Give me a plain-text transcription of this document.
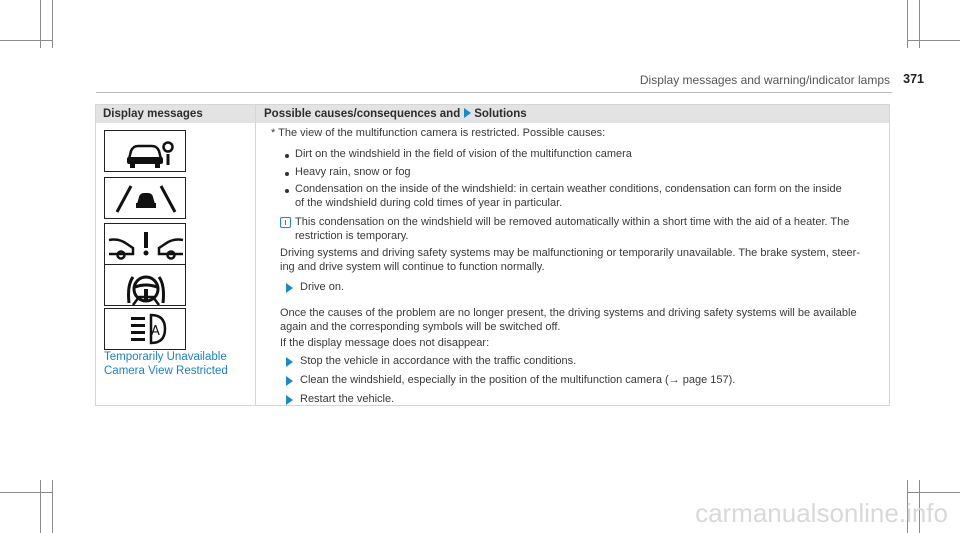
Display messages and warning/indicator lamps 371
Display messages	Possible causes/consequences and Solutions
A
Temporarily Unavailable
Camera View Restricted
* The view of the multifunction camera is restricted. Possible causes:
Dirt on the windshield in the field of vision of the multifunction camera
Heavy rain, snow or fog
Condensation on the inside of the windshield: in certain weather conditions, condensation can form on the inside
of the windshield during cold times of year in particular.
This condensation on the windshield will be removed automatically within a short time with the aid of a heater. The
restriction is temporary.
Driving systems and driving safety systems may be malfunctioning or temporarily unavailable. The brake system, steer-
ing and drive system will continue to function normally.
Drive on.
Once the causes of the problem are no longer present, the driving systems and driving safety systems will be available
again and the corresponding symbols will be switched off.
If the display message does not disappear:
Stop the vehicle in accordance with the traffic conditions.
Clean the windshield, especially in the position of the multifunction camera (→ page 157).
Restart the vehicle.
carmanualsonline.info
